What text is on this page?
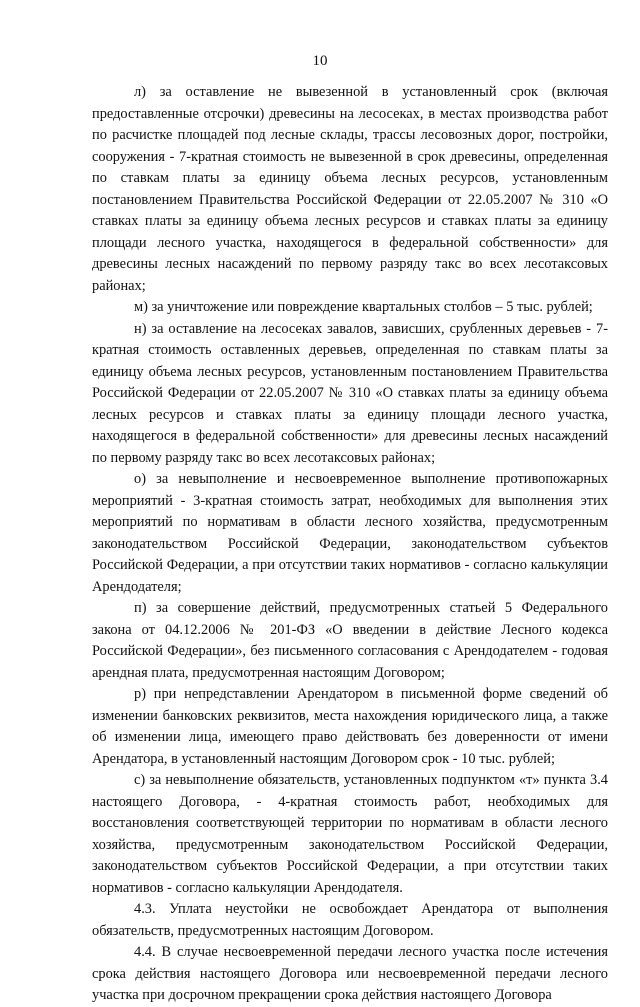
10

л) за оставление не вывезенной в установленный срок (включая предоставленные отсрочки) древесины на лесосеках, в местах производства работ по расчистке площадей под лесные склады, трассы лесовозных дорог, постройки, сооружения - 7-кратная стоимость не вывезенной в срок древесины, определенная по ставкам платы за единицу объема лесных ресурсов, установленным постановлением Правительства Российской Федерации от 22.05.2007 № 310 «О ставках платы за единицу объема лесных ресурсов и ставках платы за единицу площади лесного участка, находящегося в федеральной собственности» для древесины лесных насаждений по первому разряду такс во всех лесотаксовых районах;

м) за уничтожение или повреждение квартальных столбов – 5 тыс. рублей;

н) за оставление на лесосеках завалов, зависших, срубленных деревьев - 7-кратная стоимость оставленных деревьев, определенная по ставкам платы за единицу объема лесных ресурсов, установленным постановлением Правительства Российской Федерации от 22.05.2007 № 310 «О ставках платы за единицу объема лесных ресурсов и ставках платы за единицу площади лесного участка, находящегося в федеральной собственности» для древесины лесных насаждений по первому разряду такс во всех лесотаксовых районах;

о) за невыполнение и несвоевременное выполнение противопожарных мероприятий - 3-кратная стоимость затрат, необходимых для выполнения этих мероприятий по нормативам в области лесного хозяйства, предусмотренным законодательством Российской Федерации, законодательством субъектов Российской Федерации, а при отсутствии таких нормативов - согласно калькуляции Арендодателя;

п) за совершение действий, предусмотренных статьей 5 Федерального закона от 04.12.2006 № 201-ФЗ «О введении в действие Лесного кодекса Российской Федерации», без письменного согласования с Арендодателем - годовая арендная плата, предусмотренная настоящим Договором;

р) при непредставлении Арендатором в письменной форме сведений об изменении банковских реквизитов, места нахождения юридического лица, а также об изменении лица, имеющего право действовать без доверенности от имени Арендатора, в установленный настоящим Договором срок - 10 тыс. рублей;

с) за невыполнение обязательств, установленных подпунктом «т» пункта 3.4 настоящего Договора, - 4-кратная стоимость работ, необходимых для восстановления соответствующей территории по нормативам в области лесного хозяйства, предусмотренным законодательством Российской Федерации, законодательством субъектов Российской Федерации, а при отсутствии таких нормативов - согласно калькуляции Арендодателя.

4.3. Уплата неустойки не освобождает Арендатора от выполнения обязательств, предусмотренных настоящим Договором.

4.4. В случае несвоевременной передачи лесного участка после истечения срока действия настоящего Договора или несвоевременной передачи лесного участка при досрочном прекращении срока действия настоящего Договора
